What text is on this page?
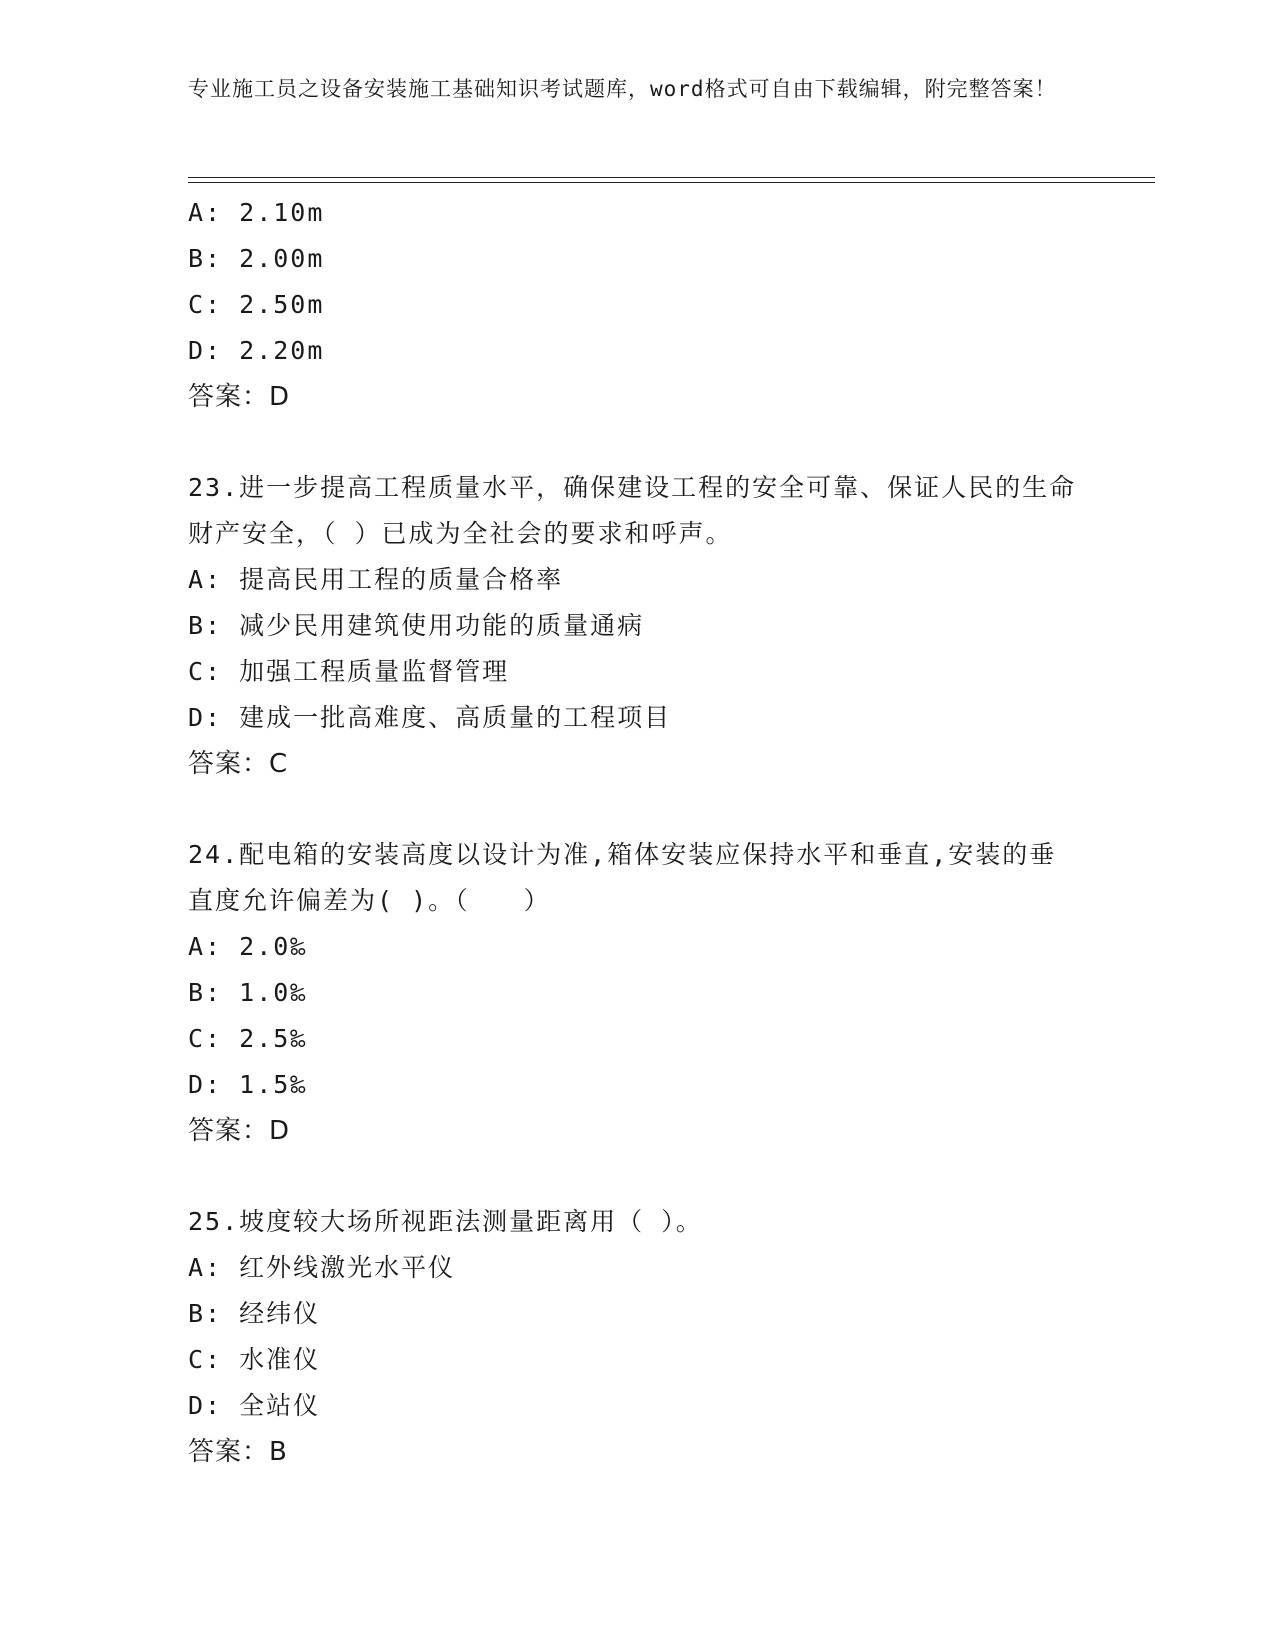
专业施工员之设备安装施工基础知识考试题库，word格式可自由下载编辑，附完整答案！
A: 2.10m
B: 2.00m
C: 2.50m
D: 2.20m
答案：D
23.进一步提高工程质量水平，确保建设工程的安全可靠、保证人民的生命财产安全，（ ）已成为全社会的要求和呼声。
A: 提高民用工程的质量合格率
B: 减少民用建筑使用功能的质量通病
C: 加强工程质量监督管理
D: 建成一批高难度、高质量的工程项目
答案：C
24.配电箱的安装高度以设计为准,箱体安装应保持水平和垂直,安装的垂直度允许偏差为( )。（　　）
A: 2.0‰
B: 1.0‰
C: 2.5‰
D: 1.5‰
答案：D
25.坡度较大场所视距法测量距离用（ ）。
A: 红外线激光水平仪
B: 经纬仪
C: 水准仪
D: 全站仪
答案：B
